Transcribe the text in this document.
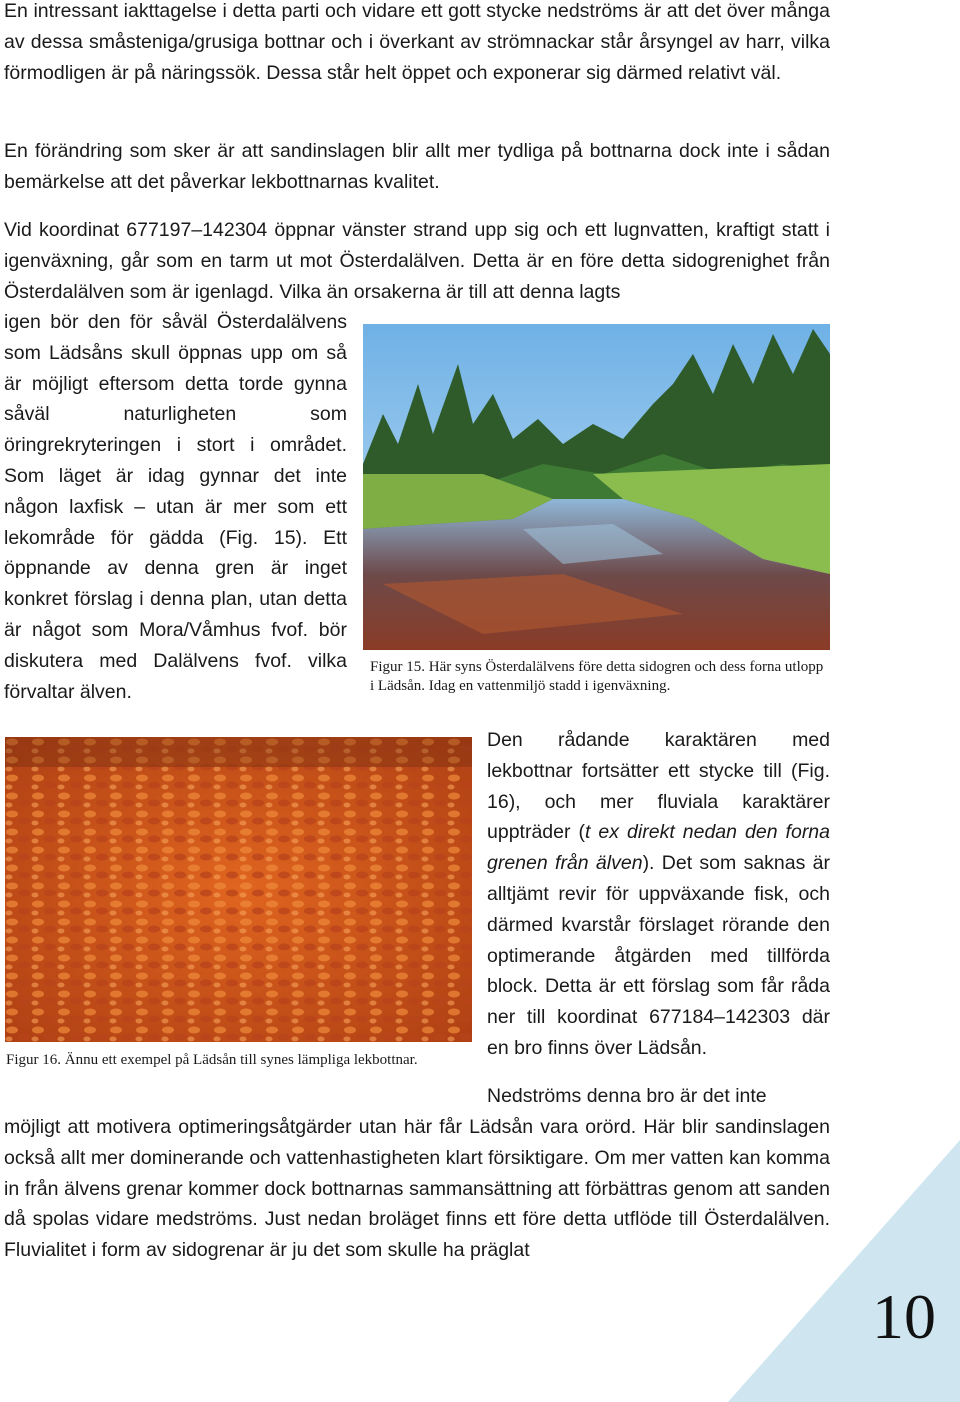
En intressant iakttagelse i detta parti och vidare ett gott stycke nedströms är att det över många av dessa småsteniga/grusiga bottnar och i överkant av strömnackar står årsyngel av harr, vilka förmodligen är på näringssök. Dessa står helt öppet och exponerar sig därmed relativt väl.

En förändring som sker är att sandinslagen blir allt mer tydliga på bottnarna dock inte i sådan bemärkelse att det påverkar lekbottnarnas kvalitet.

Vid koordinat 677197–142304 öppnar vänster strand upp sig och ett lugnvatten, kraftigt statt i igenväxning, går som en tarm ut mot Österdalälven. Detta är en före detta sidogrenighet från Österdalälven som är igenlagd. Vilka än orsakerna är till att denna lagts

igen bör den för såväl Österdalälvens som Lädsåns skull öppnas upp om så är möjligt eftersom detta torde gynna såväl naturligheten som öringrekryteringen i stort i området. Som läget är idag gynnar det inte någon laxfisk – utan är mer som ett lekområde för gädda (Fig. 15). Ett öppnande av denna gren är inget konkret förslag i denna plan, utan detta är något som Mora/Våmhus fvof. bör diskutera med Dalälvens fvof. vilka förvaltar älven.

Figur 15. Här syns Österdalälvens före detta sidogren och dess forna utlopp i Lädsån. Idag en vattenmiljö stadd i igenväxning.

Figur 16. Ännu ett exempel på Lädsån till synes lämpliga lekbottnar.

Den rådande karaktären med lekbottnar fortsätter ett stycke till (Fig. 16), och mer fluviala karaktärer uppträder (t ex direkt nedan den forna grenen från älven). Det som saknas är alltjämt revir för uppväxande fisk, och därmed kvarstår förslaget rörande den optimerande åtgärden med tillförda block. Detta är ett förslag som får råda ner till koordinat 677184–142303 där en bro finns över Lädsån.

Nedströms denna bro är det inte

möjligt att motivera optimeringsåtgärder utan här får Lädsån vara orörd. Här blir sandinslagen också allt mer dominerande och vattenhastigheten klart försiktigare. Om mer vatten kan komma in från älvens grenar kommer dock bottnarnas sammansättning att förbättras genom att sanden då spolas vidare medströms. Just nedan broläget finns ett före detta utflöde till Österdalälven. Fluvialitet i form av sidogrenar är ju det som skulle ha präglat

10
